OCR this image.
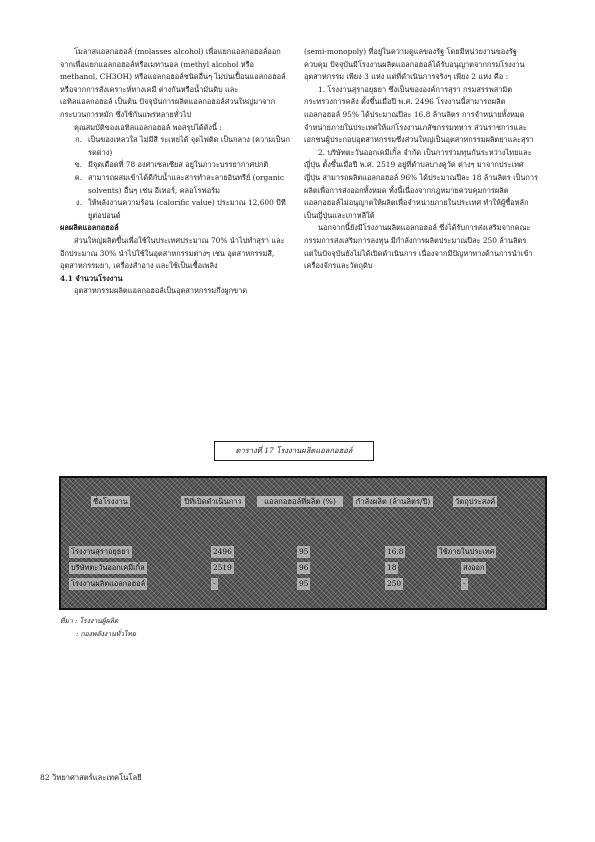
โมลาสแอลกอฮอล์ (molasses alcohol) เพื่อแยกแอลกอฮอล์ออกจากเพื่อแยกแอลกอฮอล์หรือเมทานอล (methyl alcohol หรือ methanol, CH3OH) หรือแอลกอฮอล์ชนิดอื่นๆ ไม่ปนเปื้อนแอลกอฮอล์ หรือจากการสังเคราะห์ทางเคมี ต่างกันหรือน้ำมันดิบ และเอทิลแอลกอฮอล์ เป็นต้น ปัจจุบันการผลิตแอลกอฮอล์ส่วนใหญ่มาจากกระบวนการหมัก ซึ่งใช้กันแพร่หลายทั่วไป

คุณสมบัติของเอทิลแอลกอฮอล์ พอสรุปได้ดังนี้ :

ก. เป็นของเหลวใส ไม่มีสี ระเหยได้ จุดไฟติด เป็นกลาง (ความเป็นกรดด่าง)
ข. มีจุดเดือดที่ 78 องศาเซลเซียส อยู่ในภาวะบรรยากาศปกติ
ค. สามารถผสมเข้าได้ดีกับน้ำและสารทำละลายอินทรีย์ (organic solvents) อื่นๆ เช่น อีเทอร์, คลอโรฟอร์ม
ง. ให้พลังงานความร้อน (calorific value) ประมาณ 12,600 บีทียูต่อปอนด์

ผลผลิตแอลกอฮอล์

ส่วนใหญ่ผลิตขึ้นเพื่อใช้ในประเทศประมาณ 70% นำไปทำสุรา และอีกประมาณ 30% นำไปใช้ในอุตสาหกรรมต่างๆ เช่น อุตสาหกรรมสี, อุตสาหกรรมยา, เครื่องสำอาง และใช้เป็นเชื้อเพลิง

4.1 จำนวนโรงงาน

อุตสาหกรรมผลิตแอลกอฮอล์เป็นอุตสาหกรรมกึ่งผูกขาด

(semi-monopoly) ที่อยู่ในความดูแลของรัฐ โดยมีหน่วยงานของรัฐควบคุม ปัจจุบันมีโรงงานผลิตแอลกอฮอล์ได้รับอนุญาตจากกรมโรงงานอุตสาหกรรม เพียง 3 แห่ง แต่ที่ดำเนินการจริงๆ เพียง 2 แห่ง คือ :

1. โรงงานสุราอยุธยา ซึ่งเป็นขององค์การสุรา กรมสรรพสามิต กระทรวงการคลัง ตั้งขึ้นเมื่อปี พ.ศ. 2496 โรงงานนี้สามารถผลิตแอลกอฮอล์ 95% ได้ประมาณปีละ 16.8 ล้านลิตร การจำหน่ายทั้งหมดจำหน่ายภายในประเทศให้แก่โรงงานเภสัชกรรมทหาร ส่วนราชการและเอกชนผู้ประกอบอุตสาหกรรมซึ่งส่วนใหญ่เป็นอุตสาหกรรมผลิตยาและสุรา

2. บริษัทตะวันออกเคมีเกิ้ล จำกัด เป็นการร่วมทุนกันระหว่างไทยและญี่ปุ่น ตั้งขึ้นเมื่อปี พ.ศ. 2519 อยู่ที่ตำบลบางคูวัด ต่างๆ มาจากประเทศญี่ปุ่น สามารถผลิตแอลกอฮอล์ 96% ได้ประมาณปีละ 18 ล้านลิตร เป็นการผลิตเพื่อการส่งออกทั้งหมด ทั้งนี้เนื่องจากกฎหมายควบคุมการผลิตแอลกอฮอล์ไม่อนุญาตให้ผลิตเพื่อจำหน่ายภายในประเทศ ทำให้ผู้ซื้อหลักเป็นญี่ปุ่นและเกาหลีใต้

นอกจากนี้ยังมีโรงงานผลิตแอลกอฮอล์ ซึ่งได้รับการส่งเสริมจากคณะกรรมการส่งเสริมการลงทุน มีกำลังการผลิตประมาณปีละ 250 ล้านลิตร แต่ในปัจจุบันยังไม่ได้เปิดดำเนินการ เนื่องจากมีปัญหาทางด้านการนำเข้าเครื่องจักรและวัตถุดิบ

ตารางที่ 17 โรงงานผลิตแอลกอฮอล์
ชื่อโรงงาน	ปีที่เปิดดำเนินการ	แอลกอฮอล์ที่ผลิต (%)	กำลังผลิต (ล้านลิตร/ปี)	วัตถุประสงค์
โรงงานสุราอยุธยา	2496	95	16.8	ใช้ภายในประเทศ
บริษัทตะวันออกเคมีเกิ้ล	2519	96	18	ส่งออก
โรงงานผลิตแอลกอฮอล์	-	95	250	-
ที่มา : โรงงานผู้ผลิต
: กองพลังงานทั่วไทย
82 วิทยาศาสตร์และเทคโนโลยี
